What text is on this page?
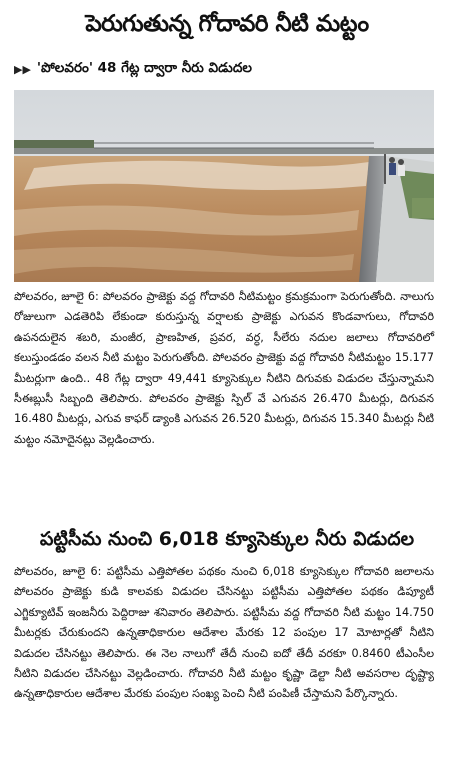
పెరుగుతున్న గోదావరి నీటి మట్టం
▶▶ 'పోలవరం' 48 గేట్ల ద్వారా నీరు విడుదల
పోలవరం, జూలై 6: పోలవరం ప్రాజెక్టు వద్ద గోదావరి నీటిమట్టం క్రమక్రమంగా పెరుగుతోంది. నాలుగు రోజులుగా ఎడతెరిపి లేకుండా కురుస్తున్న వర్షాలకు ప్రాజెక్టు ఎగువన కొండవాగులు, గోదావరి ఉపనదులైన శబరి, మంజీర, ప్రాణహిత, ప్రవర, వర్ధ, సీలేరు నదుల జలాలు గోదావరిలో కలుస్తుండడం వలన నీటి మట్టం పెరుగుతోంది. పోలవరం ప్రాజెక్టు వద్ద గోదావరి నీటిమట్టం 15.177 మీటర్లుగా ఉంది.. 48 గేట్ల ద్వారా 49,441 క్యూసెక్కుల నీటిని దిగువకు విడుదల చేస్తున్నామని సీఈబ్లుసీ సిబ్బంది తెలిపారు. పోలవరం ప్రాజెక్టు స్పిల్ వే ఎగువన 26.470 మీటర్లు, దిగువన 16.480 మీటర్లు, ఎగువ కాఫర్ డ్యాంకి ఎగువన 26.520 మీటర్లు, దిగువన 15.340 మీటర్లు నీటి మట్టం నమోదైనట్లు వెల్లడించారు.
పట్టిసీమ నుంచి 6,018 క్యూసెక్కుల నీరు విడుదల
పోలవరం, జూలై 6: పట్టిసీమ ఎత్తిపోతల పథకం నుంచి 6,018 క్యూసెక్కుల గోదావరి జలాలను పోలవరం ప్రాజెక్టు కుడి కాలవకు విడుదల చేసినట్టు పట్టిసీమ ఎత్తిపోతల పథకం డిప్యూటీ ఎగ్జిక్యూటివ్ ఇంజనీరు పెద్దిరాజు శనివారం తెలిపారు. పట్టిసీమ వద్ద గోదావరి నీటి మట్టం 14.750 మీటర్లకు చేరుకుందని ఉన్నతాధికారుల ఆదేశాల మేరకు 12 పంపుల 17 మోటార్లతో నీటిని విడుదల చేసినట్టు తెలిపారు. ఈ నెల నాలుగో తేదీ నుంచి ఐదో తేదీ వరకూ 0.8460 టీఎంసీల నీటిని విడుదల చేసినట్టు వెల్లడించారు. గోదావరి నీటి మట్టం కృష్ణా డెల్టా నీటి అవసరాల దృష్ట్యా ఉన్నతాధికారుల ఆదేశాల మేరకు పంపుల సంఖ్య పెంచి నీటి పంపిణీ చేస్తామని పేర్కొన్నారు.
